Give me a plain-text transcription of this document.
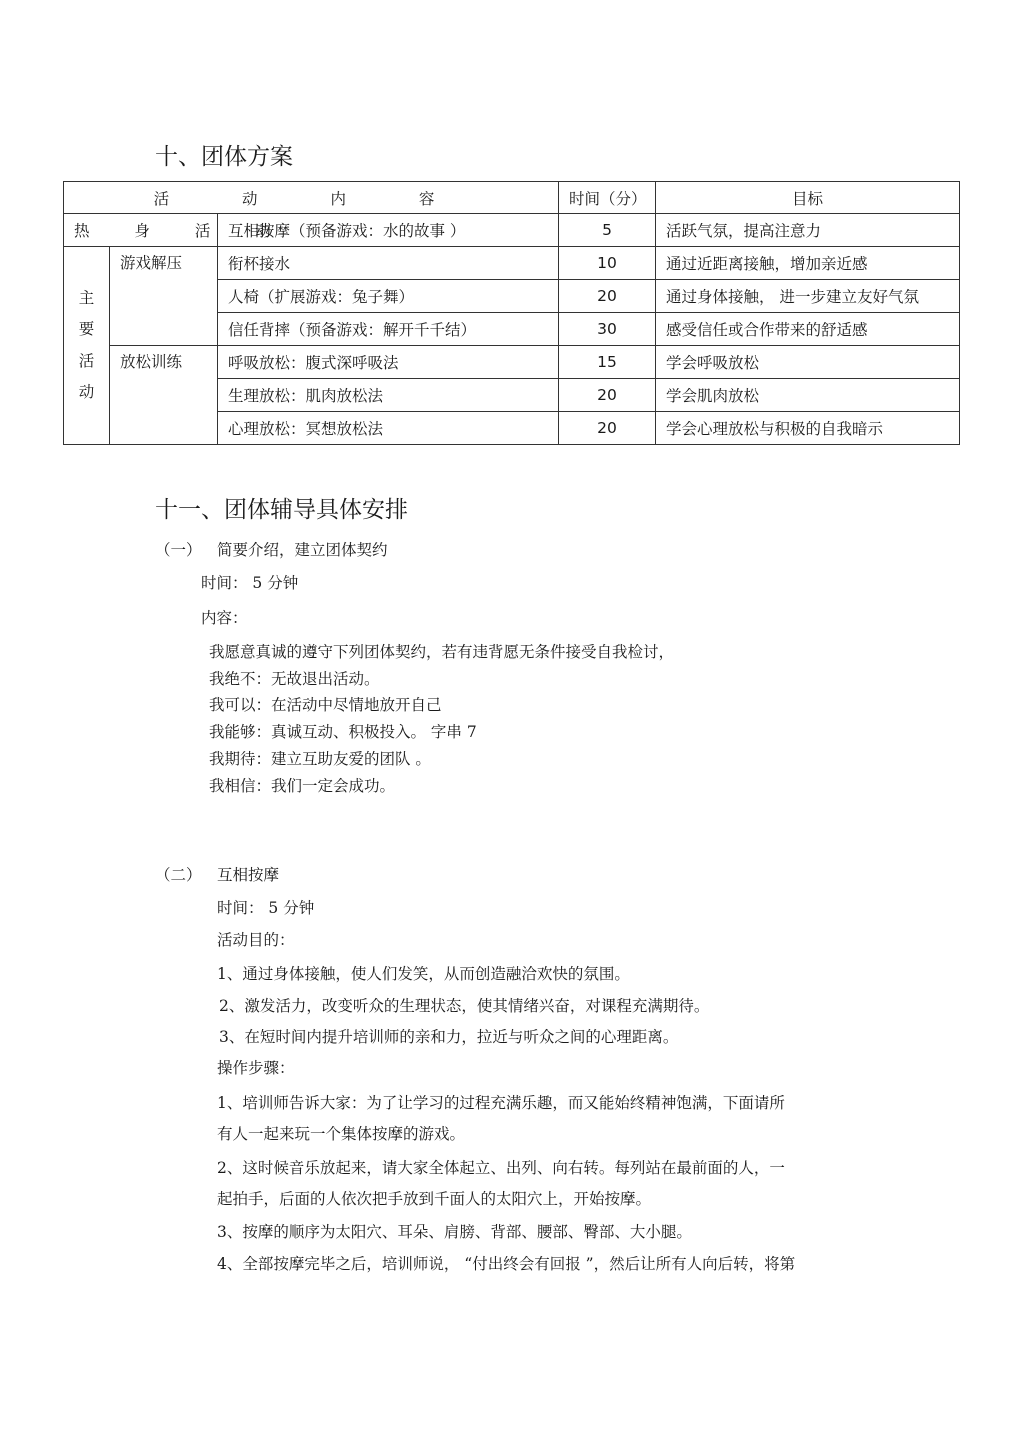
十、团体方案
活 动 内 容			时间（分）	目标
热 身 活 动		互相按摩（预备游戏：水的故事 ）	5	活跃气氛，提高注意力

主
要
活
动	游戏解压	衔杯接水	10	通过近距离接触，增加亲近感
		人椅（扩展游戏：兔子舞）	20	通过身体接触， 进一步建立友好气氛
		信任背摔（预备游戏：解开千千结）	30	感受信任或合作带来的舒适感
	放松训练	呼吸放松：腹式深呼吸法	15	学会呼吸放松
		生理放松：肌肉放松法	20	学会肌肉放松
		心理放松：冥想放松法	20	学会心理放松与积极的自我暗示
十一、团体辅导具体安排
（一） 简要介绍，建立团体契约
时间： 5 分钟
内容：
我愿意真诚的遵守下列团体契约，若有违背愿无条件接受自我检讨，
我绝不：无故退出活动。
我可以：在活动中尽情地放开自己
我能够：真诚互动、积极投入。 字串 7
我期待：建立互助友爱的团队 。
我相信：我们一定会成功。
（二） 互相按摩
时间： 5 分钟
活动目的：
1、通过身体接触，使人们发笑，从而创造融洽欢快的氛围。
2、激发活力，改变听众的生理状态，使其情绪兴奋，对课程充满期待。
3、在短时间内提升培训师的亲和力，拉近与听众之间的心理距离。
操作步骤：
1、培训师告诉大家：为了让学习的过程充满乐趣，而又能始终精神饱满，下面请所
有人一起来玩一个集体按摩的游戏。
2、这时候音乐放起来，请大家全体起立、出列、向右转。每列站在最前面的人，一
起拍手，后面的人依次把手放到千面人的太阳穴上，开始按摩。
3、按摩的顺序为太阳穴、耳朵、肩膀、背部、腰部、臀部、大小腿。
4、全部按摩完毕之后，培训师说， “付出终会有回报 ”，然后让所有人向后转，将第
